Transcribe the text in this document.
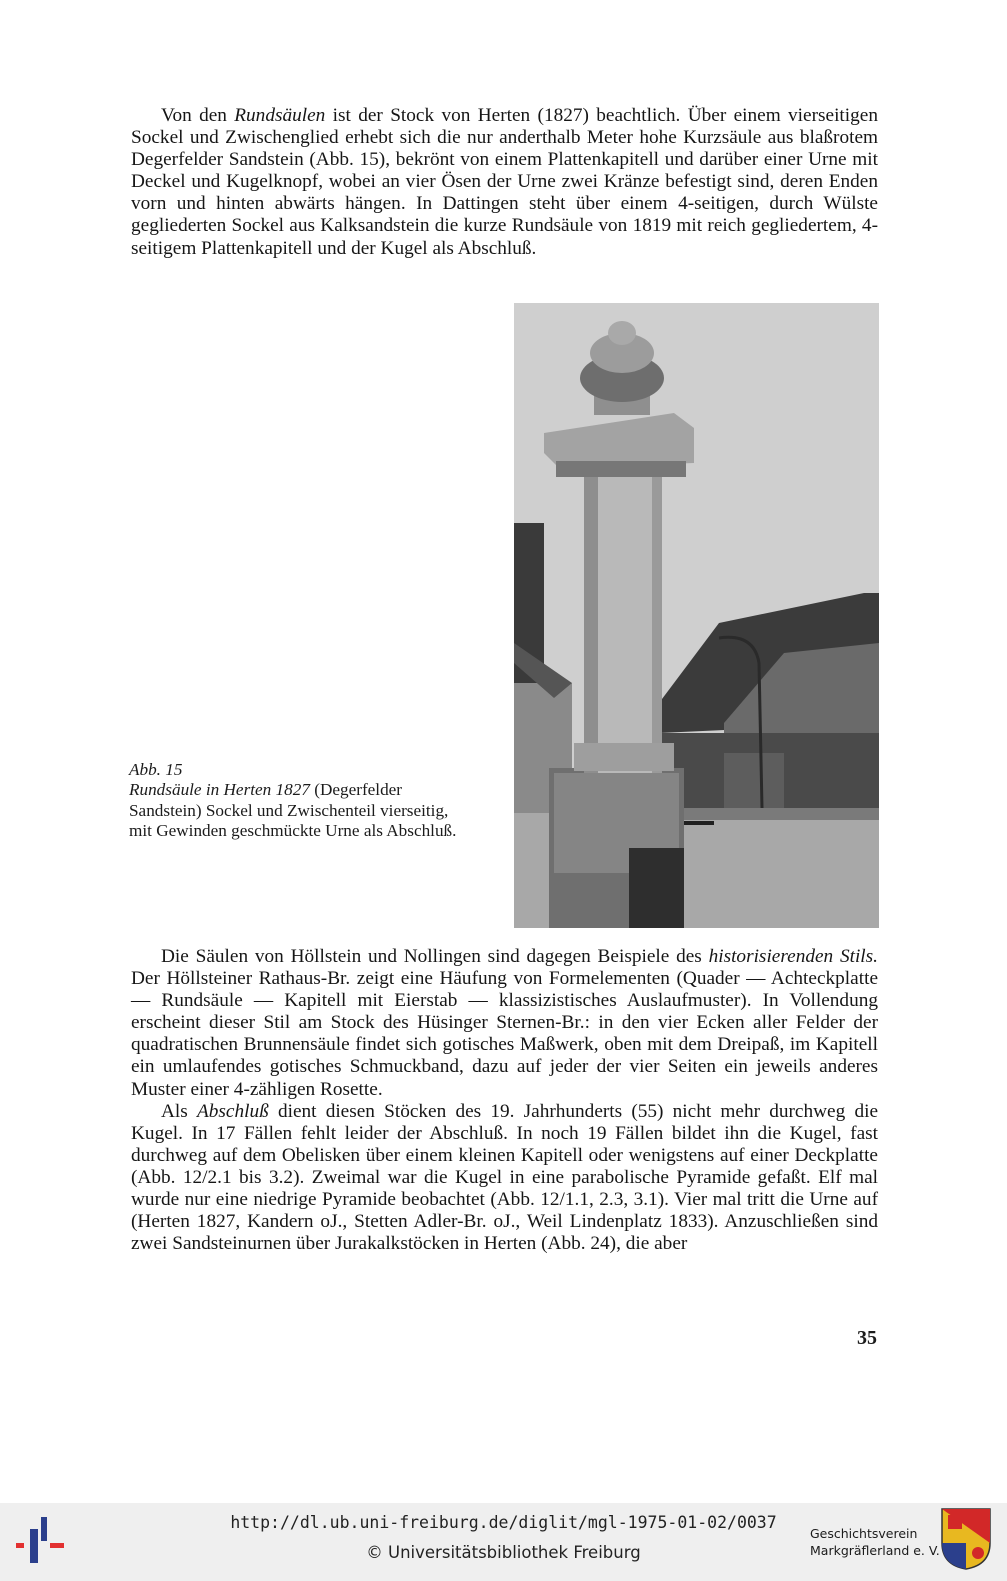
Von den Rundsäulen ist der Stock von Herten (1827) beachtlich. Über einem vierseitigen Sockel und Zwischenglied erhebt sich die nur anderthalb Meter hohe Kurzsäule aus blaßrotem Degerfelder Sandstein (Abb. 15), bekrönt von einem Plattenkapitell und darüber einer Urne mit Deckel und Kugelknopf, wobei an vier Ösen der Urne zwei Kränze befestigt sind, deren Enden vorn und hinten abwärts hängen. In Dattingen steht über einem 4-seitigen, durch Wülste gegliederten Sockel aus Kalksandstein die kurze Rundsäule von 1819 mit reich gegliedertem, 4-seitigem Plattenkapitell und der Kugel als Abschluß.

Abb. 15
Rundsäule in Herten 1827 (Degerfelder Sandstein) Sockel und Zwischenteil vierseitig, mit Gewinden geschmückte Urne als Abschluß.

Die Säulen von Höllstein und Nollingen sind dagegen Beispiele des historisierenden Stils. Der Höllsteiner Rathaus-Br. zeigt eine Häufung von Formelementen (Quader — Achteckplatte — Rundsäule — Kapitell mit Eierstab — klassizistisches Auslaufmuster). In Vollendung erscheint dieser Stil am Stock des Hüsinger Sternen-Br.: in den vier Ecken aller Felder der quadratischen Brunnensäule findet sich gotisches Maßwerk, oben mit dem Dreipaß, im Kapitell ein umlaufendes gotisches Schmuckband, dazu auf jeder der vier Seiten ein jeweils anderes Muster einer 4-zähligen Rosette.

Als Abschluß dient diesen Stöcken des 19. Jahrhunderts (55) nicht mehr durchweg die Kugel. In 17 Fällen fehlt leider der Abschluß. In noch 19 Fällen bildet ihn die Kugel, fast durchweg auf dem Obelisken über einem kleinen Kapitell oder wenigstens auf einer Deckplatte (Abb. 12/2.1 bis 3.2). Zweimal war die Kugel in eine parabolische Pyramide gefaßt. Elf mal wurde nur eine niedrige Pyramide beobachtet (Abb. 12/1.1, 2.3, 3.1). Vier mal tritt die Urne auf (Herten 1827, Kandern oJ., Stetten Adler-Br. oJ., Weil Lindenplatz 1833). Anzuschließen sind zwei Sandsteinurnen über Jurakalkstöcken in Herten (Abb. 24), die aber

35
http://dl.ub.uni-freiburg.de/diglit/mgl-1975-01-02/0037
© Universitätsbibliothek Freiburg
Geschichtsverein
Markgräflerland e. V.
